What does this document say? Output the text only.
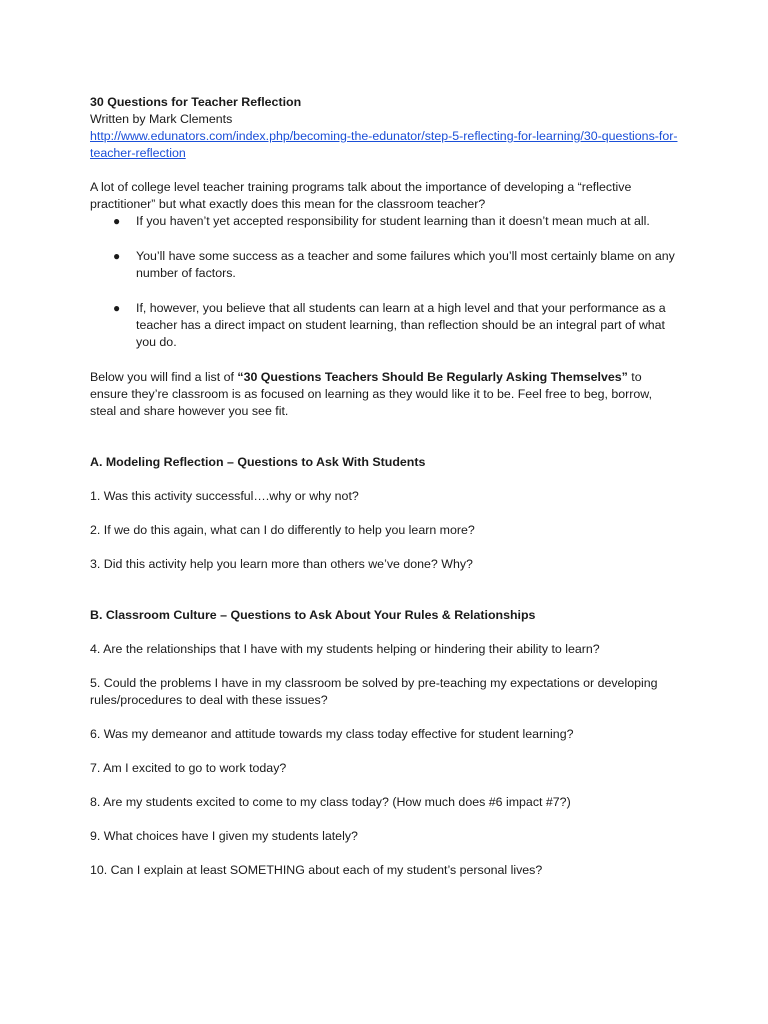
30 Questions for Teacher Reflection

Written by Mark Clements

http://www.edunators.com/index.php/becoming-the-edunator/step-5-reflecting-for-learning/30-questions-for-teacher-reflection

A lot of college level teacher training programs talk about the importance of developing a “reflective practitioner” but what exactly does this mean for the classroom teacher?

● If you haven’t yet accepted responsibility for student learning than it doesn’t mean much at all.
● You’ll have some success as a teacher and some failures which you’ll most certainly blame on any number of factors.
● If, however, you believe that all students can learn at a high level and that your performance as a teacher has a direct impact on student learning, than reflection should be an integral part of what you do.

Below you will find a list of “30 Questions Teachers Should Be Regularly Asking Themselves” to ensure they’re classroom is as focused on learning as they would like it to be. Feel free to beg, borrow, steal and share however you see fit.

A. Modeling Reflection – Questions to Ask With Students

1. Was this activity successful….why or why not?

2. If we do this again, what can I do differently to help you learn more?

3. Did this activity help you learn more than others we’ve done? Why?

B. Classroom Culture – Questions to Ask About Your Rules & Relationships

4. Are the relationships that I have with my students helping or hindering their ability to learn?

5. Could the problems I have in my classroom be solved by pre-teaching my expectations or developing rules/procedures to deal with these issues?

6. Was my demeanor and attitude towards my class today effective for student learning?

7. Am I excited to go to work today?

8. Are my students excited to come to my class today? (How much does #6 impact #7?)

9. What choices have I given my students lately?

10. Can I explain at least SOMETHING about each of my student’s personal lives?
